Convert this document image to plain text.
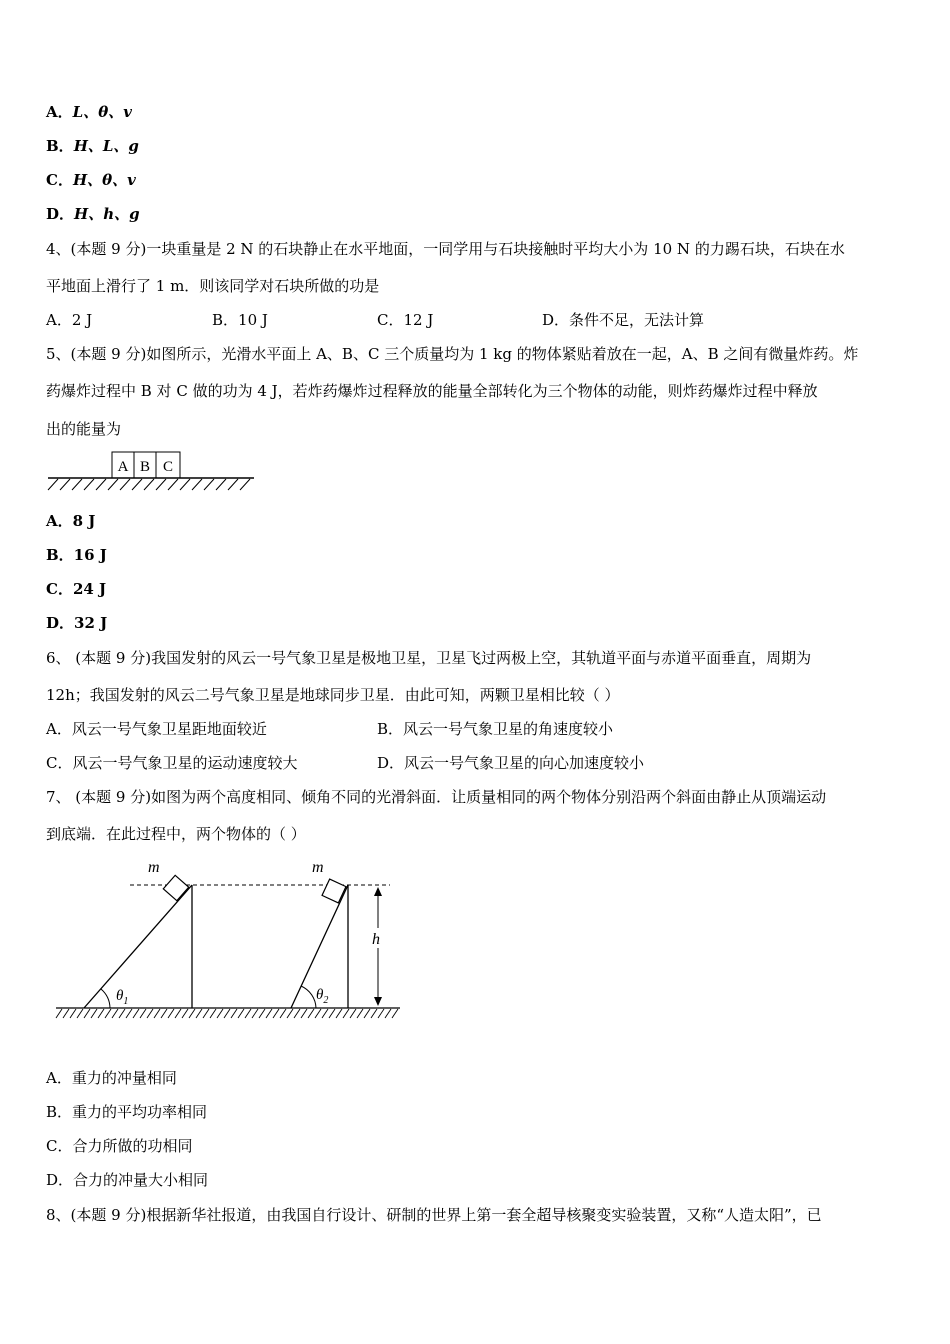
A．L、θ、v
B．H、L、g
C．H、θ、v
D．H、h、g
4、(本题 9 分)一块重量是 2 N 的石块静止在水平地面，一同学用与石块接触时平均大小为 10 N 的力踢石块，石块在水
平地面上滑行了 1 m．则该同学对石块所做的功是
A．2 J	B．10 J	C．12 J	D．条件不足，无法计算
5、(本题 9 分)如图所示，光滑水平面上 A、B、C 三个质量均为 1 kg 的物体紧贴着放在一起，A、B 之间有微量炸药。炸
药爆炸过程中 B 对 C 做的功为 4 J，若炸药爆炸过程释放的能量全部转化为三个物体的动能，则炸药爆炸过程中释放
出的能量为
A B C
A．8 J
B．16 J
C．24 J
D．32 J
6、 (本题 9 分)我国发射的风云一号气象卫星是极地卫星，卫星飞过两极上空，其轨道平面与赤道平面垂直，周期为
12h；我国发射的风云二号气象卫星是地球同步卫星．由此可知，两颗卫星相比较（ ）
A．风云一号气象卫星距地面较近	B．风云一号气象卫星的角速度较小
C．风云一号气象卫星的运动速度较大	D．风云一号气象卫星的向心加速度较小
7、 (本题 9 分)如图为两个高度相同、倾角不同的光滑斜面．让质量相同的两个物体分别沿两个斜面由静止从顶端运动
到底端．在此过程中，两个物体的（ ）
m
$\theta_1$
m
$\theta_2$
h
A．重力的冲量相同
B．重力的平均功率相同
C．合力所做的功相同
D．合力的冲量大小相同
8、(本题 9 分)根据新华社报道，由我国自行设计、研制的世界上第一套全超导核聚变实验装置，又称“人造太阳”，已
